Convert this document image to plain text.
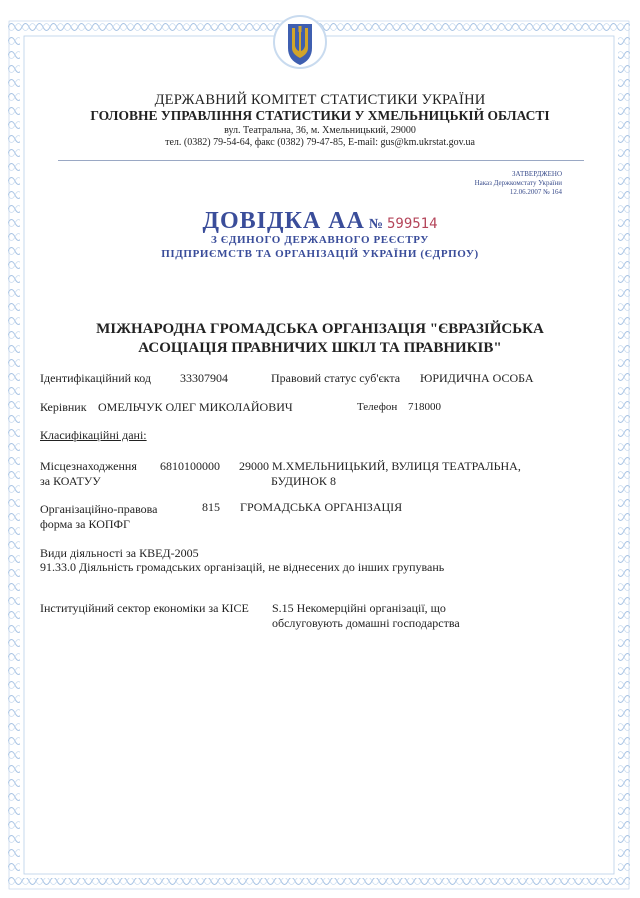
ДЕРЖАВНИЙ КОМІТЕТ СТАТИСТИКИ УКРАЇНИ
ГОЛОВНЕ УПРАВЛІННЯ СТАТИСТИКИ У ХМЕЛЬНИЦЬКІЙ ОБЛАСТІ
вул. Театральна, 36, м. Хмельницький, 29000
тел. (0382) 79-54-64, факс (0382) 79-47-85, E-mail: gus@km.ukrstat.gov.ua
ЗАТВЕРДЖЕНО
Наказ Держкомстату України
12.06.2007 № 164
ДОВІДКА АА № 599514
З ЄДИНОГО ДЕРЖАВНОГО РЕЄСТРУ
ПІДПРИЄМСТВ ТА ОРГАНІЗАЦІЙ УКРАЇНИ (ЄДРПОУ)
МІЖНАРОДНА ГРОМАДСЬКА ОРГАНІЗАЦІЯ "ЄВРАЗІЙСЬКА
АСОЦІАЦІЯ ПРАВНИЧИХ ШКІЛ ТА ПРАВНИКІВ"
Ідентифікаційний код 33307904	Правовий статус суб'єкта ЮРИДИЧНА ОСОБА
Керівник ОМЕЛЬЧУК ОЛЕГ МИКОЛАЙОВИЧ	Телефон 718000
Класифікаційні дані:
Місцезнаходження
за КОАТУУ
6810100000 29000 М.ХМЕЛЬНИЦЬКИЙ, ВУЛИЦЯ ТЕАТРАЛЬНА,
БУДИНОК 8
Організаційно-правова
форма за КОПФГ
815 ГРОМАДСЬКА ОРГАНІЗАЦІЯ
Види діяльності за КВЕД-2005
91.33.0 Діяльність громадських організацій, не віднесених до інших групувань
Інституційний сектор економіки за КІСЕ S.15 Некомерційні організації, що
обслуговують домашні господарства
